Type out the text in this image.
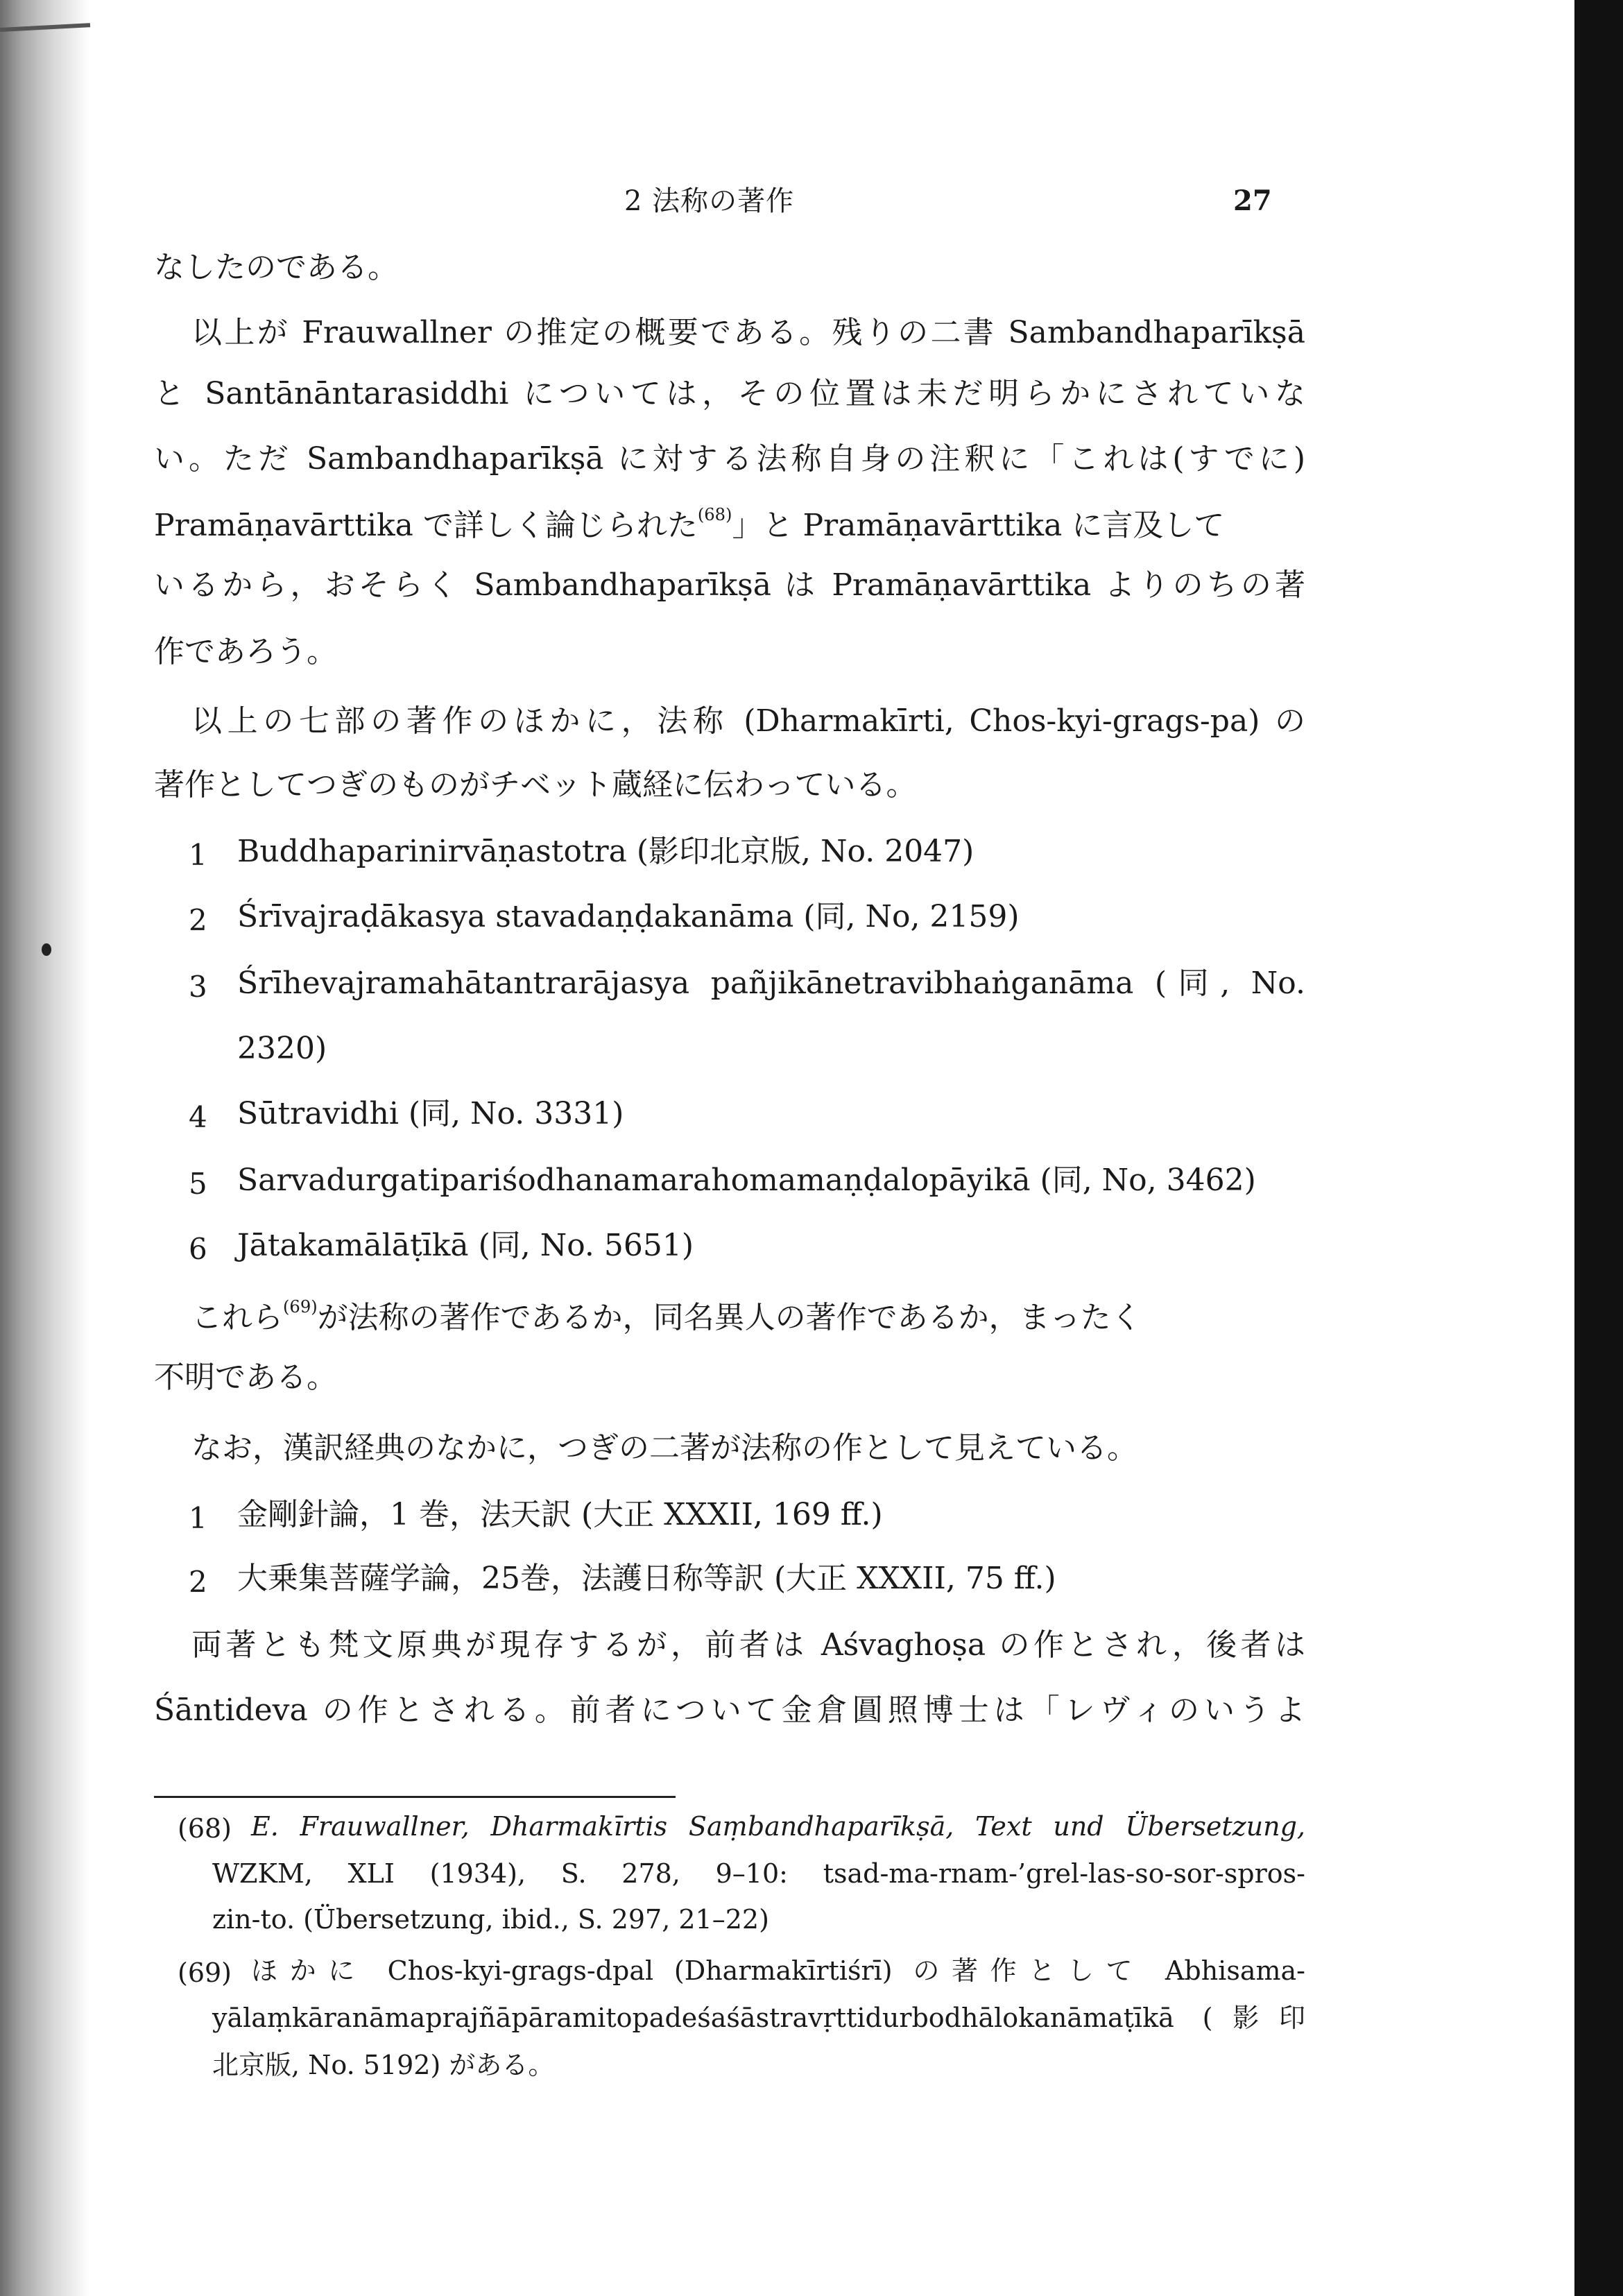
2 法称の著作	27
なしたのである。
以上が Frauwallner の推定の概要である。残りの二書 Sambandhaparīkṣā
と Santānāntarasiddhi については，その位置は未だ明らかにされていな
い。ただ Sambandhaparīkṣā に対する法称自身の注釈に「これは(すでに)
Pramāṇavārttika で詳しく論じられた$^{(68)}$」と Pramāṇavārttika に言及して
いるから，おそらく Sambandhaparīkṣā は Pramāṇavārttika よりのちの著
作であろう。
以上の七部の著作のほかに，法称 (Dharmakīrti, Chos-kyi-grags-pa) の
著作としてつぎのものがチベット蔵経に伝わっている。
1 Buddhaparinirvāṇastotra (影印北京版, No. 2047)
2 Śrīvajraḍākasya stavadaṇḍakanāma (同, No, 2159)
3 Śrīhevajramahātantrarājasya pañjikānetravibhaṅganāma (同, No.
2320)
4 Sūtravidhi (同, No. 3331)
5 Sarvadurgatipariśodhanamarahomamaṇḍalopāyikā (同, No, 3462)
6 Jātakamālāṭīkā (同, No. 5651)
これら$^{(69)}$が法称の著作であるか，同名異人の著作であるか，まったく
不明である。
なお，漢訳経典のなかに，つぎの二著が法称の作として見えている。
1 金剛針論，1 巻，法天訳 (大正 XXXII, 169 ff.)
2 大乗集菩薩学論，25巻，法護日称等訳 (大正 XXXII, 75 ff.)
両著とも梵文原典が現存するが，前者は Aśvaghoṣa の作とされ，後者は
Śāntideva の作とされる。前者について金倉圓照博士は「レヴィのいうよ
(68) E. Frauwallner, Dharmakīrtis Saṃbandhaparīkṣā, Text und Übersetzung,
WZKM, XLI (1934), S. 278, 9–10: tsad-ma-rnam-’grel-las-so-sor-spros-
zin-to. (Übersetzung, ibid., S. 297, 21–22)
(69) ほかに Chos-kyi-grags-dpal (Dharmakīrtiśrī) の著作として Abhisama-
yālaṃkāranāmaprajñāpāramitopadeśaśāstravṛttidurbodhālokanāmaṭīkā (影印
北京版, No. 5192) がある。
